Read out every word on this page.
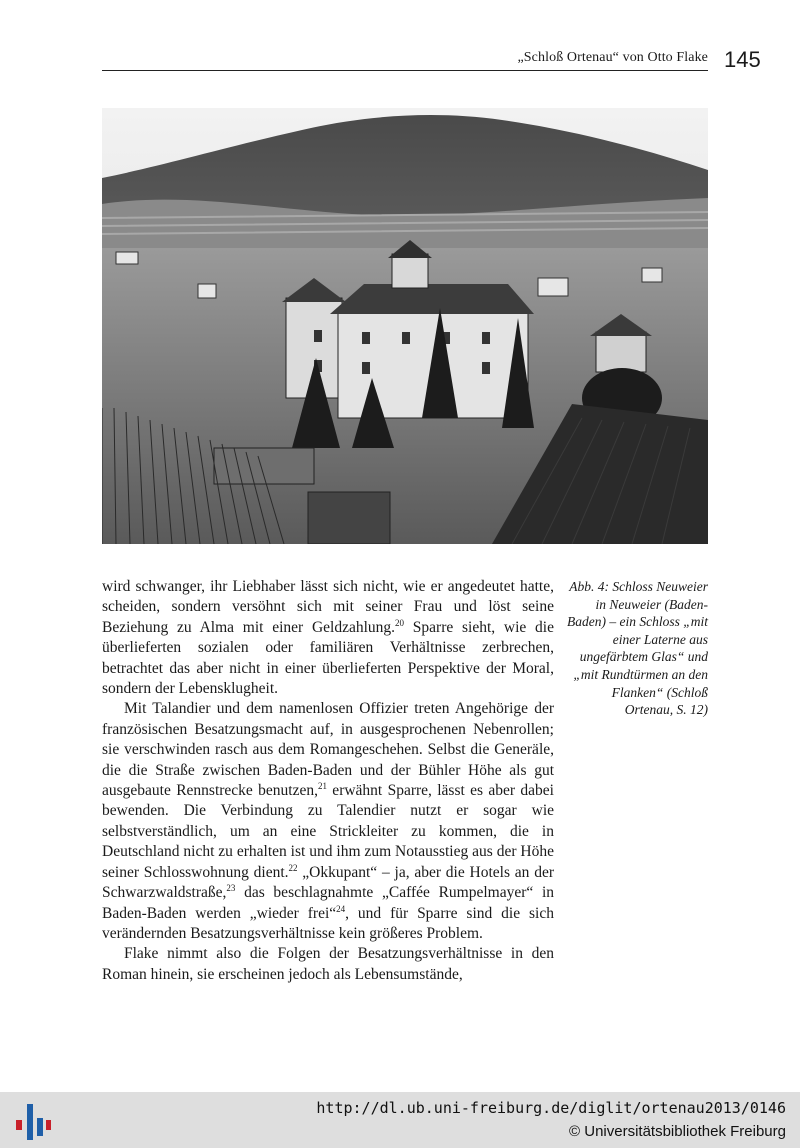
„Schloß Ortenau“ von Otto Flake 145

wird schwanger, ihr Liebhaber lässt sich nicht, wie er angedeutet hatte, scheiden, sondern versöhnt sich mit seiner Frau und löst seine Beziehung zu Alma mit einer Geldzahlung.$^{20}$ Sparre sieht, wie die überlieferten sozialen oder familiären Verhältnisse zerbrechen, betrachtet das aber nicht in einer überlieferten Perspektive der Moral, sondern der Lebensklugheit.

Mit Talandier und dem namenlosen Offizier treten Angehörige der französischen Besatzungsmacht auf, in ausgesprochenen Nebenrollen; sie verschwinden rasch aus dem Romangeschehen. Selbst die Generäle, die die Straße zwischen Baden-Baden und der Bühler Höhe als gut ausgebaute Rennstrecke benutzen,$^{21}$ erwähnt Sparre, lässt es aber dabei bewenden. Die Verbindung zu Talendier nutzt er sogar wie selbstverständlich, um an eine Strickleiter zu kommen, die in Deutschland nicht zu erhalten ist und ihm zum Notausstieg aus der Höhe seiner Schlosswohnung dient.$^{22}$ „Okkupant“ – ja, aber die Hotels an der Schwarzwaldstraße,$^{23}$ das beschlagnahmte „Caffée Rumpelmayer“ in Baden-Baden werden „wieder frei“$^{24}$, und für Sparre sind die sich verändernden Besatzungsverhältnisse kein größeres Problem.

Flake nimmt also die Folgen der Besatzungsverhältnisse in den Roman hinein, sie erscheinen jedoch als Lebensumstände,

Abb. 4: Schloss Neuweier in Neuweier (Baden-Baden) – ein Schloss „mit einer Laterne aus ungefärbtem Glas“ und „mit Rundtürmen an den Flanken“ (Schloß Ortenau, S. 12)
http://dl.ub.uni-freiburg.de/diglit/ortenau2013/0146
© Universitätsbibliothek Freiburg
